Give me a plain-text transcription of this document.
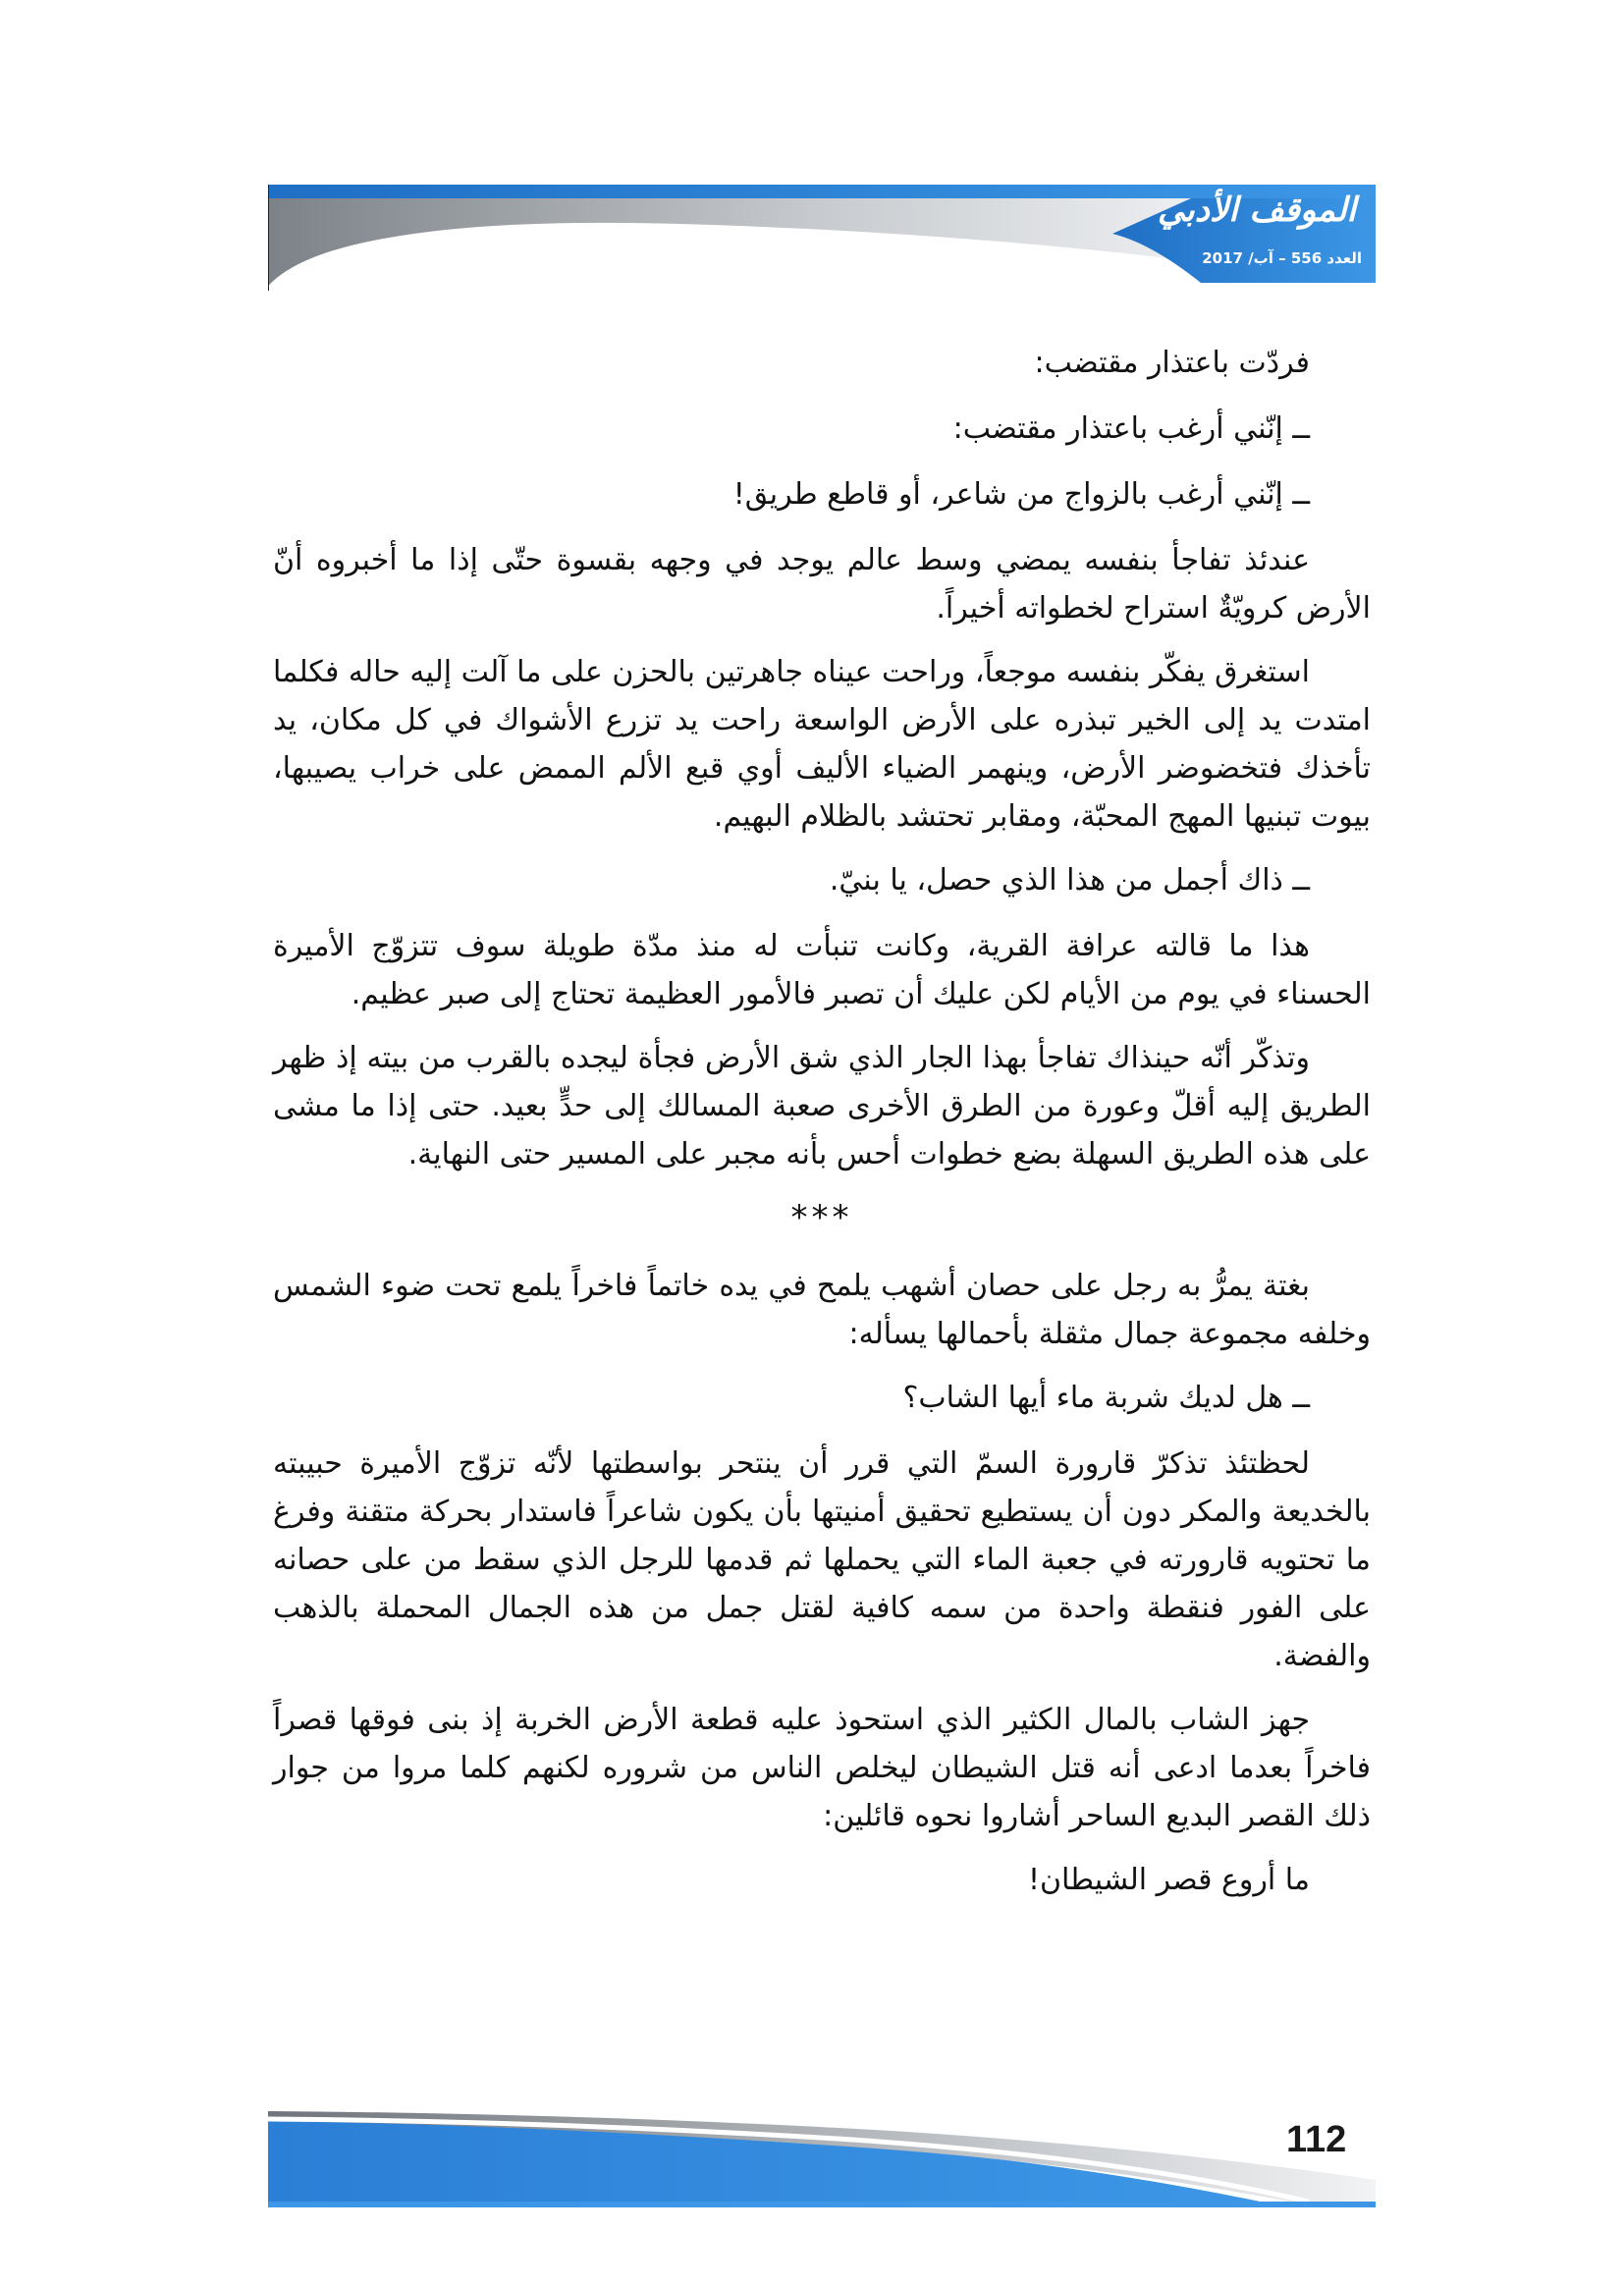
الموقف الأدبي
العدد 556 – آب/ 2017

فردّت باعتذار مقتضب:

ــ إنّني أرغب باعتذار مقتضب:

ــ إنّني أرغب بالزواج من شاعر، أو قاطع طريق!

عندئذ تفاجأ بنفسه يمضي وسط عالم يوجد في وجهه بقسوة حتّى إذا ما أخبروه أنّ الأرض كرويّةٌ استراح لخطواته أخيراً.

استغرق يفكّر بنفسه موجعاً، وراحت عيناه جاهرتين بالحزن على ما آلت إليه حاله فكلما امتدت يد إلى الخير تبذره على الأرض الواسعة راحت يد تزرع الأشواك في كل مكان، يد تأخذك فتخضوضر الأرض، وينهمر الضياء الأليف أوي قبع الألم الممض على خراب يصيبها، بيوت تبنيها المهج المحبّة، ومقابر تحتشد بالظلام البهيم.

ــ ذاك أجمل من هذا الذي حصل، يا بنيّ.

هذا ما قالته عرافة القرية، وكانت تنبأت له منذ مدّة طويلة سوف تتزوّج الأميرة الحسناء في يوم من الأيام لكن عليك أن تصبر فالأمور العظيمة تحتاج إلى صبر عظيم.

وتذكّر أنّه حينذاك تفاجأ بهذا الجار الذي شق الأرض فجأة ليجده بالقرب من بيته إذ ظهر الطريق إليه أقلّ وعورة من الطرق الأخرى صعبة المسالك إلى حدٍّ بعيد. حتى إذا ما مشى على هذه الطريق السهلة بضع خطوات أحس بأنه مجبر على المسير حتى النهاية.

***

بغتة يمرُّ به رجل على حصان أشهب يلمح في يده خاتماً فاخراً يلمع تحت ضوء الشمس وخلفه مجموعة جمال مثقلة بأحمالها يسأله:

ــ هل لديك شربة ماء أيها الشاب؟

لحظتئذ تذكرّ قارورة السمّ التي قرر أن ينتحر بواسطتها لأنّه تزوّج الأميرة حبيبته بالخديعة والمكر دون أن يستطيع تحقيق أمنيتها بأن يكون شاعراً فاستدار بحركة متقنة وفرغ ما تحتويه قارورته في جعبة الماء التي يحملها ثم قدمها للرجل الذي سقط من على حصانه على الفور فنقطة واحدة من سمه كافية لقتل جمل من هذه الجمال المحملة بالذهب والفضة.

جهز الشاب بالمال الكثير الذي استحوذ عليه قطعة الأرض الخربة إذ بنى فوقها قصراً فاخراً بعدما ادعى أنه قتل الشيطان ليخلص الناس من شروره لكنهم كلما مروا من جوار ذلك القصر البديع الساحر أشاروا نحوه قائلين:

ما أروع قصر الشيطان!

112
